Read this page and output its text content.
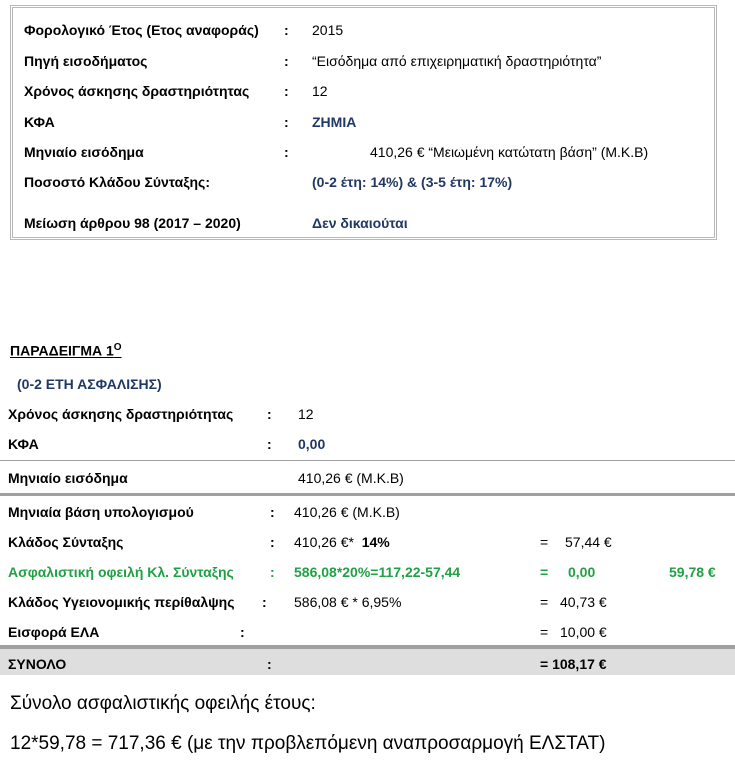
Φορολογικό Έτος (Ετος αναφοράς) : 2015
Πηγή εισοδήματος	: “Εισόδημα από επιχειρηματική δραστηριότητα”
Χρόνος άσκησης δραστηριότητας : 12
ΚΦΑ	: ΖΗΜΙΑ
Μηνιαίο εισόδημα	:	410,26 € “Μειωμένη κατώτατη βάση” (Μ.Κ.Β)
Ποσοστό Κλάδου Σύνταξης:	(0-2 έτη: 14%) & (3-5 έτη: 17%)
Μείωση άρθρου 98 (2017 – 2020)	Δεν δικαιούται
ΠΑΡΑΔΕΙΓΜΑ $1^O$
(0-2 ΕΤΗ ΑΣΦΑΛΙΣΗΣ)
Χρόνος άσκησης δραστηριότητας : 12
ΚΦΑ	: 0,00
Μηνιαίο εισόδημα	410,26 € (Μ.Κ.Β)
Μηνιαία βάση υπολογισμού	: 410,26 € (Μ.Κ.Β)
Κλάδος Σύνταξης	: 410,26 €* 14%	= 57,44 €
Ασφαλιστική οφειλή Κλ. Σύνταξης	: 586,08*20%=117,22-57,44	= 0,00	59,78 €
Κλάδος Υγειονομικής περίθαλψης : 586,08 € * 6,95%	= 40,73 €
Εισφορά ΕΛΑ	:	= 10,00 €
ΣΥΝΟΛΟ	:	= 108,17 €
Σύνολο ασφαλιστικής οφειλής έτους:
12*59,78 = 717,36 € (με την προβλεπόμενη αναπροσαρμογή ΕΛΣΤΑΤ)
